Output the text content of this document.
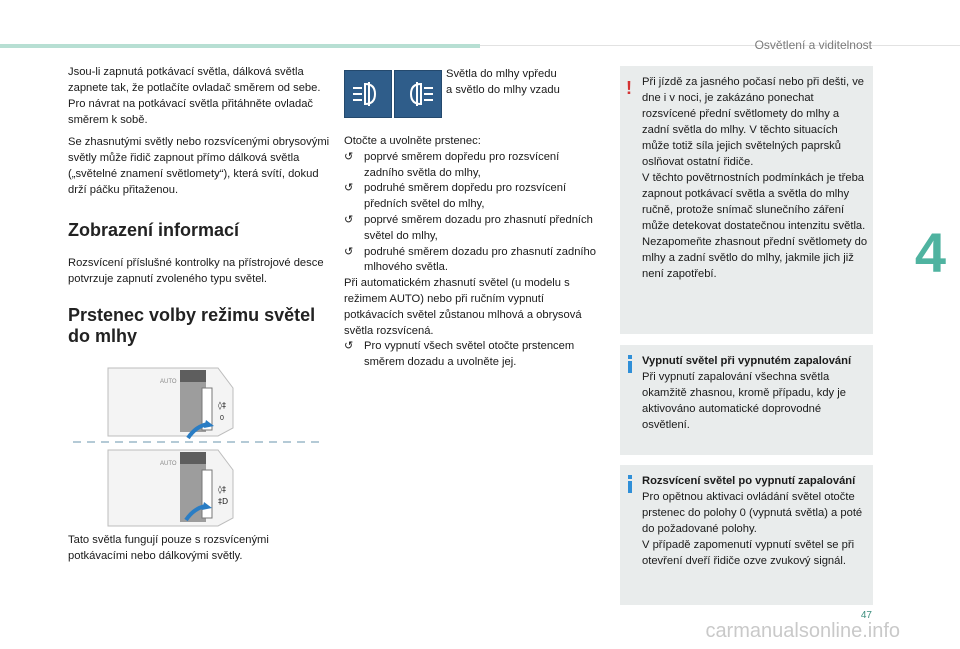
Osvětlení a viditelnost
4

Jsou-li zapnutá potkávací světla, dálková světla zapnete tak, že potlačíte ovladač směrem od sebe. Pro návrat na potkávací světla přitáhněte ovladač směrem k sobě.

Se zhasnutými světly nebo rozsvícenými obrysovými světly může řidič zapnout přímo dálková světla („světelné znamení světlomety“), která svítí, dokud drží páčku přitaženou.

Zobrazení informací

Rozsvícení příslušné kontrolky na přístrojové desce potvrzuje zapnutí zvoleného typu světel.

Prstenec volby režimu světel do mlhy
AUTO
◊‡
0
AUTO
◊‡
‡D
Tato světla fungují pouze s rozsvícenými potkávacími nebo dálkovými světly.
Světla do mlhy vpředu
a světlo do mlhy vzadu
Otočte a uvolněte prstenec:
↺ poprvé směrem dopředu pro rozsvícení zadního světla do mlhy,
↺ podruhé směrem dopředu pro rozsvícení předních světel do mlhy,
↺ poprvé směrem dozadu pro zhasnutí předních světel do mlhy,
↺ podruhé směrem dozadu pro zhasnutí zadního mlhového světla.
Při automatickém zhasnutí světel (u modelu s režimem AUTO) nebo při ručním vypnutí potkávacích světel zůstanou mlhová a obrysová světla rozsvícená.
↺ Pro vypnutí všech světel otočte prstencem směrem dozadu a uvolněte jej.
! Při jízdě za jasného počasí nebo při dešti, ve dne i v noci, je zakázáno ponechat rozsvícené přední světlomety do mlhy a zadní světla do mlhy. V těchto situacích může totiž síla jejich světelných paprsků oslňovat ostatní řidiče.
V těchto povětrnostních podmínkách je třeba zapnout potkávací světla a světla do mlhy ručně, protože snímač slunečního záření může detekovat dostatečnou intenzitu světla.
Nezapomeňte zhasnout přední světlomety do mlhy a zadní světlo do mlhy, jakmile jich již není zapotřebí.
Vypnutí světel při vypnutém zapalování
Při vypnutí zapalování všechna světla okamžitě zhasnou, kromě případu, kdy je aktivováno automatické doprovodné osvětlení.
Rozsvícení světel po vypnutí zapalování
Pro opětnou aktivaci ovládání světel otočte prstenec do polohy 0 (vypnutá světla) a poté do požadované polohy.
V případě zapomenutí vypnutí světel se při otevření dveří řidiče ozve zvukový signál.
47
carmanualsonline.info
